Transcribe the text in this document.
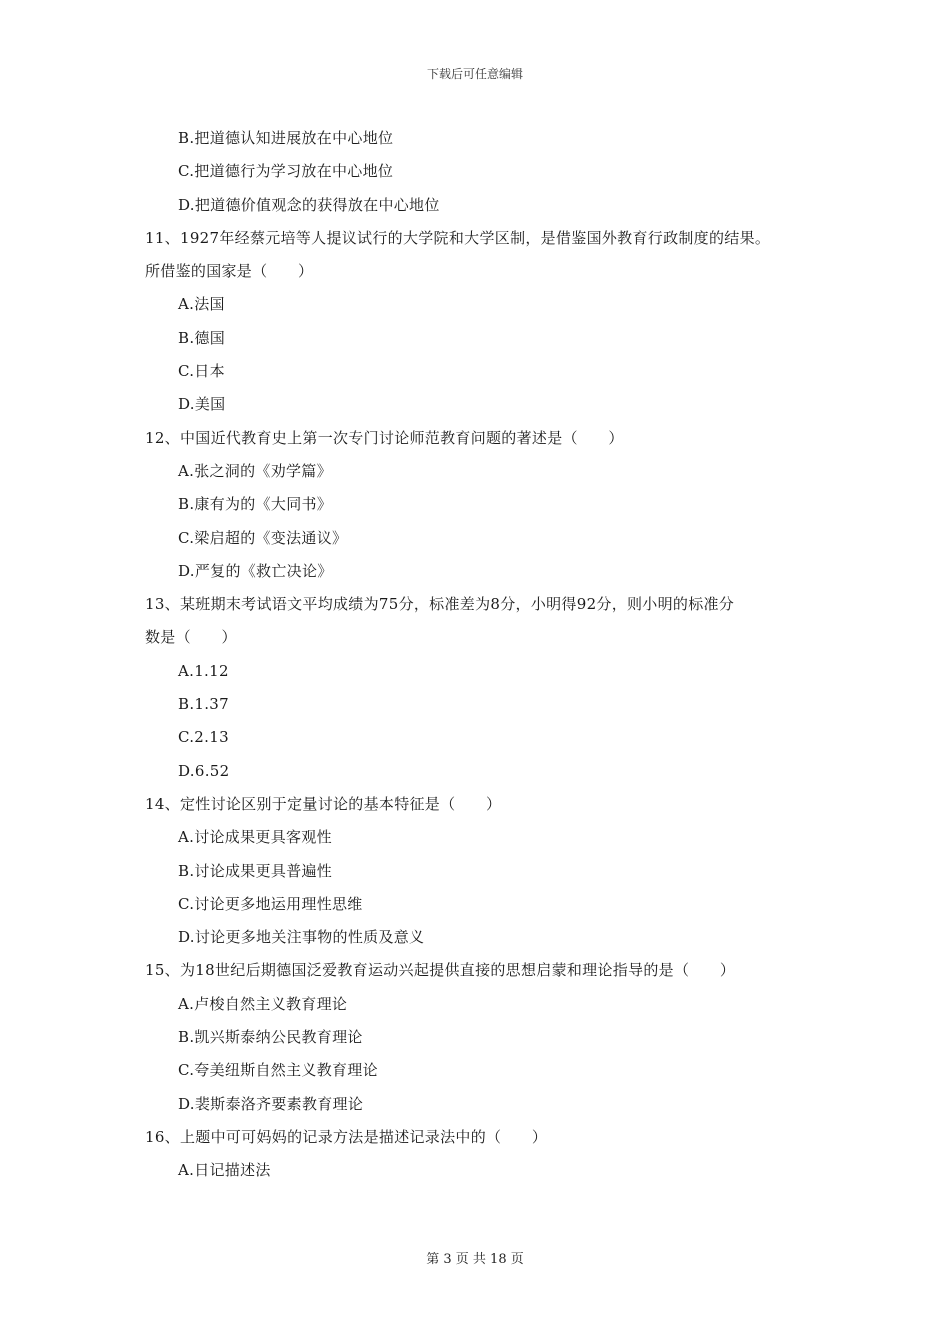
下载后可任意编辑
B.把道德认知进展放在中心地位
C.把道德行为学习放在中心地位
D.把道德价值观念的获得放在中心地位
11、1927年经蔡元培等人提议试行的大学院和大学区制，是借鉴国外教育行政制度的结果。
所借鉴的国家是（　　）
A.法国
B.德国
C.日本
D.美国
12、中国近代教育史上第一次专门讨论师范教育问题的著述是（　　）
A.张之洞的《劝学篇》
B.康有为的《大同书》
C.梁启超的《变法通议》
D.严复的《救亡决论》
13、某班期末考试语文平均成绩为75分，标准差为8分，小明得92分，则小明的标准分
数是（　　）
A.1.12
B.1.37
C.2.13
D.6.52
14、定性讨论区别于定量讨论的基本特征是（　　）
A.讨论成果更具客观性
B.讨论成果更具普遍性
C.讨论更多地运用理性思维
D.讨论更多地关注事物的性质及意义
15、为18世纪后期德国泛爱教育运动兴起提供直接的思想启蒙和理论指导的是（　　）
A.卢梭自然主义教育理论
B.凯兴斯泰纳公民教育理论
C.夸美纽斯自然主义教育理论
D.裴斯泰洛齐要素教育理论
16、上题中可可妈妈的记录方法是描述记录法中的（　　）
A.日记描述法
第 3 页 共 18 页
